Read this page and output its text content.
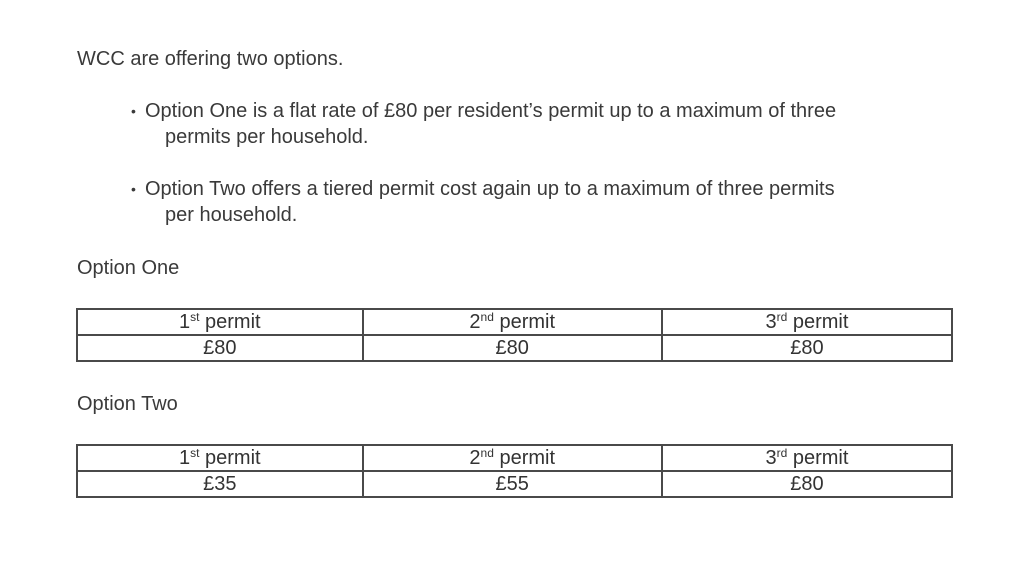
WCC are offering two options.

• Option One is a flat rate of £80 per resident’s permit up to a maximum of three
permits per household.
• Option Two offers a tiered permit cost again up to a maximum of three permits
per household.
Option One
1st permit	2nd permit	3rd permit
£80	£80	£80
Option Two
1st permit	2nd permit	3rd permit
£35	£55	£80
